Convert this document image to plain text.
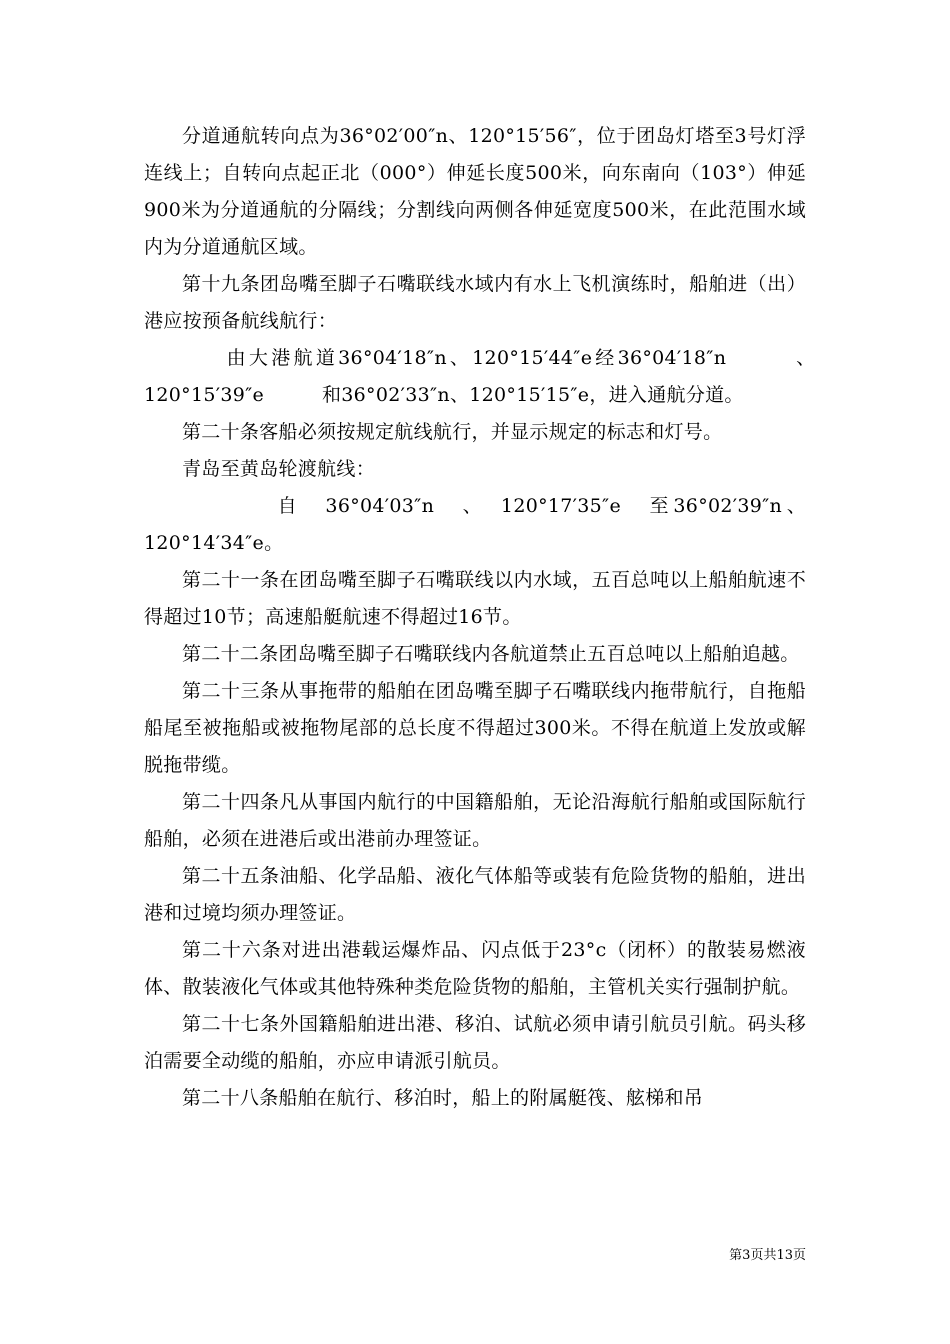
分道通航转向点为36°02′00″n、120°15′56″，位于团岛灯塔至3号灯浮连线上；自转向点起正北（000°）伸延长度500米，向东南向（103°）伸延900米为分道通航的分隔线；分割线向两侧各伸延宽度500米，在此范围水域内为分道通航区域。

第十九条团岛嘴至脚子石嘴联线水域内有水上飞机演练时，船舶进（出）港应按预备航线航行：

　　由大港航道36°04′18″n、120°15′44″e经36°04′18″n　　　、　　　120°15′39″e　　　和36°02′33″n、120°15′15″e，进入通航分道。

第二十条客船必须按规定航线航行，并显示规定的标志和灯号。

青岛至黄岛轮渡航线：

　　　　自　36°04′03″n　、　120°17′35″e　至36°02′39″n、120°14′34″e。

第二十一条在团岛嘴至脚子石嘴联线以内水域，五百总吨以上船舶航速不得超过10节；高速船艇航速不得超过16节。

第二十二条团岛嘴至脚子石嘴联线内各航道禁止五百总吨以上船舶追越。

第二十三条从事拖带的船舶在团岛嘴至脚子石嘴联线内拖带航行，自拖船船尾至被拖船或被拖物尾部的总长度不得超过300米。不得在航道上发放或解脱拖带缆。

第二十四条凡从事国内航行的中国籍船舶，无论沿海航行船舶或国际航行船舶，必须在进港后或出港前办理签证。

第二十五条油船、化学品船、液化气体船等或装有危险货物的船舶，进出港和过境均须办理签证。

第二十六条对进出港载运爆炸品、闪点低于23°c（闭杯）的散装易燃液体、散装液化气体或其他特殊种类危险货物的船舶，主管机关实行强制护航。

第二十七条外国籍船舶进出港、移泊、试航必须申请引航员引航。码头移泊需要全动缆的船舶，亦应申请派引航员。

第二十八条船舶在航行、移泊时，船上的附属艇筏、舷梯和吊

第3页共13页
